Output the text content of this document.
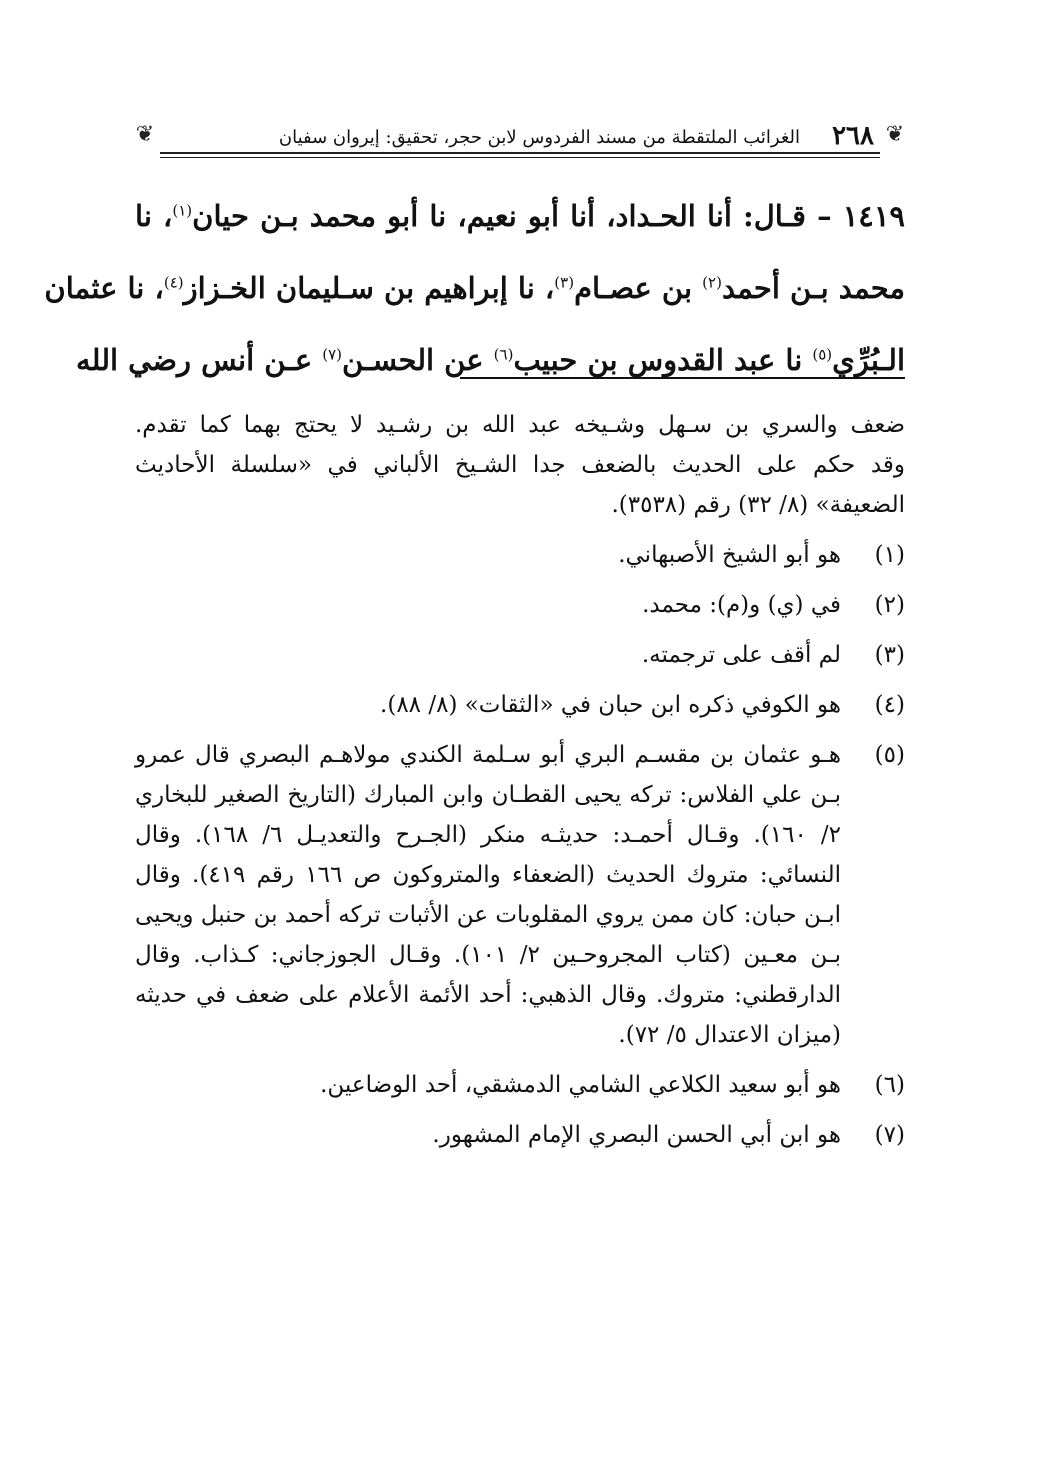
❦
٢٦٨
الغرائب الملتقطة من مسند الفردوس لابن حجر، تحقيق: إيروان سفيان
❦
١٤١٩ – قـال: أنا الحـداد، أنا أبو نعيم، نا أبو محمد بـن حيان$^{(١)}$، نا
محمد بـن أحمد$^{(٢)}$ بن عصـام$^{(٣)}$، نا إبراهيم بن سـليمان الخـزاز$^{(٤)}$، نا عثمان
الـبُرِّي$^{(٥)}$ نا عبد القدوس بن حبيب$^{(٦)}$ عن الحسـن$^{(٧)}$ عـن أنس رضي الله
ضعف والسري بن سـهل وشـيخه عبد الله بن رشـيد لا يحتج بهما كما تقدم.
وقد حكم على الحديث بالضعف جدا الشـيخ الألباني في «سلسلة الأحاديث
الضعيفة» (٨/ ٣٢) رقم (٣٥٣٨).
(١)
هو أبو الشيخ الأصبهاني.
(٢)
في (ي) و(م): محمد.
(٣)
لم أقف على ترجمته.
(٤)
هو الكوفي ذكره ابن حبان في «الثقات» (٨/ ٨٨).
(٥)
هـو عثمان بن مقسـم البري أبو سـلمة الكندي مولاهـم البصري قال عمرو
بـن علي الفلاس: تركه يحيى القطـان وابن المبارك (التاريخ الصغير للبخاري
٢/ ١٦٠). وقـال أحمـد: حديثـه منكر (الجـرح والتعديـل ٦/ ١٦٨). وقال
النسائي: متروك الحديث (الضعفاء والمتروكون ص ١٦٦ رقم ٤١٩). وقال
ابـن حبان: كان ممن يروي المقلوبات عن الأثبات تركه أحمد بن حنبل ويحيى
بـن معـين (كتاب المجروحـين ٢/ ١٠١). وقـال الجوزجاني: كـذاب. وقال
الدارقطني: متروك. وقال الذهبي: أحد الأئمة الأعلام على ضعف في حديثه
(ميزان الاعتدال ٥/ ٧٢).
(٦)
هو أبو سعيد الكلاعي الشامي الدمشقي، أحد الوضاعين.
(٧)
هو ابن أبي الحسن البصري الإمام المشهور.
